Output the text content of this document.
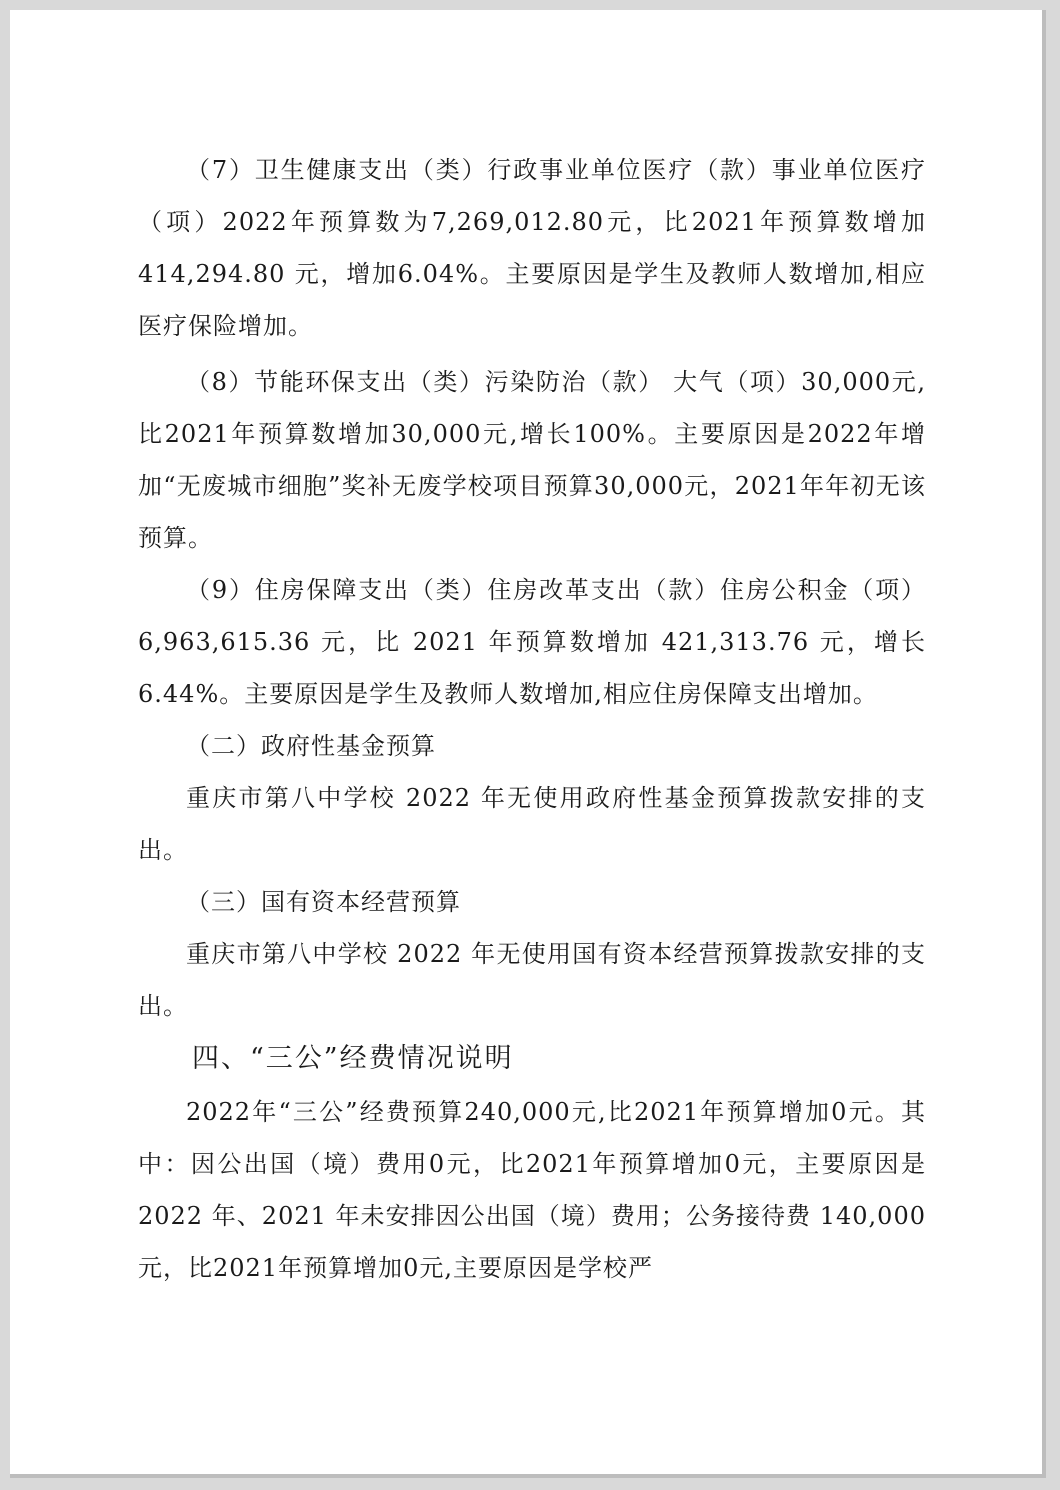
（7）卫生健康支出（类）行政事业单位医疗（款）事业单位医疗（项）2022年预算数为7,269,012.80元，比2021年预算数增加414,294.80 元，增加6.04%。主要原因是学生及教师人数增加,相应医疗保险增加。

（8）节能环保支出（类）污染防治（款） 大气（项）30,000元,比2021年预算数增加30,000元,增长100%。主要原因是2022年增加“无废城市细胞”奖补无废学校项目预算30,000元，2021年年初无该预算。

（9）住房保障支出（类）住房改革支出（款）住房公积金（项）6,963,615.36 元，比 2021 年预算数增加 421,313.76 元，增长6.44%。主要原因是学生及教师人数增加,相应住房保障支出增加。

（二）政府性基金预算

重庆市第八中学校 2022 年无使用政府性基金预算拨款安排的支出。

（三）国有资本经营预算

重庆市第八中学校 2022 年无使用国有资本经营预算拨款安排的支出。

四、“三公”经费情况说明

2022年“三公”经费预算240,000元,比2021年预算增加0元。其中：因公出国（境）费用0元，比2021年预算增加0元，主要原因是 2022 年、2021 年未安排因公出国（境）费用；公务接待费 140,000元，比2021年预算增加0元,主要原因是学校严
